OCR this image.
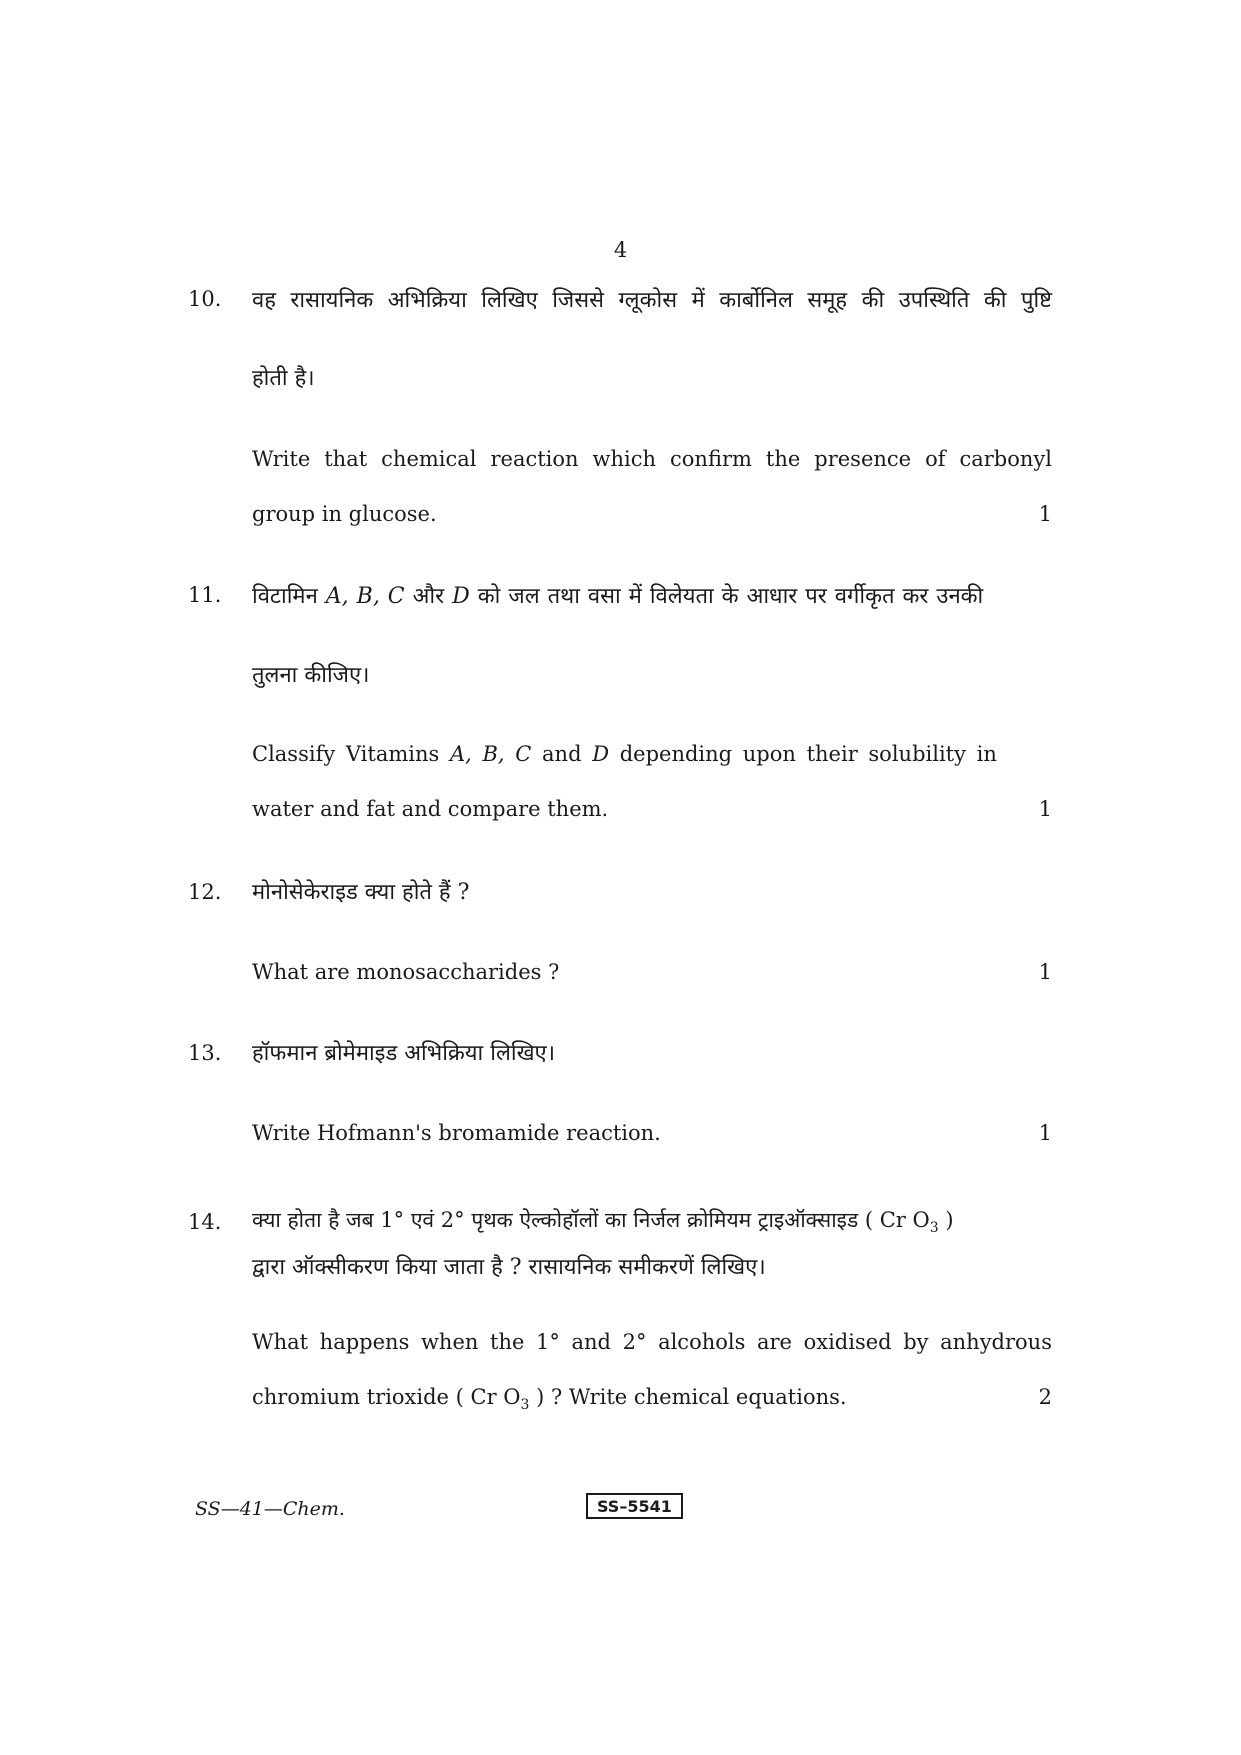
4
10. वह रासायनिक अभिक्रिया लिखिए जिससे ग्लूकोस में कार्बोनिल समूह की उपस्थिति की पुष्टि
होती है।
Write that chemical reaction which confirm the presence of carbonyl
group in glucose.	1
11. विटामिन A, B, C और D को जल तथा वसा में विलेयता के आधार पर वर्गीकृत कर उनकी
तुलना कीजिए।
Classify Vitamins A, B, C and D depending upon their solubility in
water and fat and compare them.	1
12. मोनोसेकेराइड क्या होते हैं ?
What are monosaccharides ?	1
13. हॉफमान ब्रोमेमाइड अभिक्रिया लिखिए।
Write Hofmann's bromamide reaction.	1
14. क्या होता है जब 1° एवं 2° पृथक ऐल्कोहॉलों का निर्जल क्रोमियम ट्राइऑक्साइड ( Cr $O_3$ )
द्वारा ऑक्सीकरण किया जाता है ? रासायनिक समीकरणें लिखिए।
What happens when the 1° and 2° alcohols are oxidised by anhydrous
chromium trioxide ( Cr $O_3$ ) ? Write chemical equations.	2
SS—41—Chem.	SS–5541
